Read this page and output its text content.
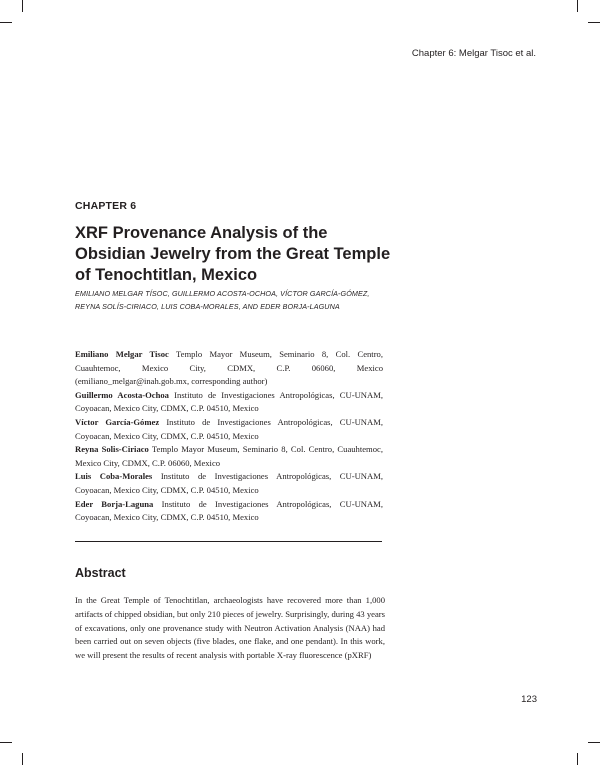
Chapter 6: Melgar Tisoc et al.
CHAPTER 6
XRF Provenance Analysis of the Obsidian Jewelry from the Great Temple of Tenochtitlan, Mexico

EMILIANO MELGAR TÍSOC, GUILLERMO ACOSTA-OCHOA, VÍCTOR GARCÍA-GÓMEZ, REYNA SOLÍS-CIRIACO, LUIS COBA-MORALES, AND EDER BORJA-LAGUNA

Emiliano Melgar Tisoc Templo Mayor Museum, Seminario 8, Col. Centro, Cuauhtemoc, Mexico City, CDMX, C.P. 06060, Mexico (emiliano_melgar@inah.gob.mx, corresponding author)

Guillermo Acosta-Ochoa Instituto de Investigaciones Antropológicas, CU-UNAM, Coyoacan, Mexico City, CDMX, C.P. 04510, Mexico

Víctor García-Gómez Instituto de Investigaciones Antropológicas, CU-UNAM, Coyoacan, Mexico City, CDMX, C.P. 04510, Mexico

Reyna Solis-Ciriaco Templo Mayor Museum, Seminario 8, Col. Centro, Cuauhtemoc, Mexico City, CDMX, C.P. 06060, Mexico

Luis Coba-Morales Instituto de Investigaciones Antropológicas, CU-UNAM, Coyoacan, Mexico City, CDMX, C.P. 04510, Mexico

Eder Borja-Laguna Instituto de Investigaciones Antropológicas, CU-UNAM, Coyoacan, Mexico City, CDMX, C.P. 04510, Mexico

Abstract

In the Great Temple of Tenochtitlan, archaeologists have recovered more than 1,000 artifacts of chipped obsidian, but only 210 pieces of jewelry. Surprisingly, during 43 years of excavations, only one provenance study with Neutron Activation Analysis (NAA) had been carried out on seven objects (five blades, one flake, and one pendant). In this work, we will present the results of recent analysis with portable X-ray fluorescence (pXRF)

123
